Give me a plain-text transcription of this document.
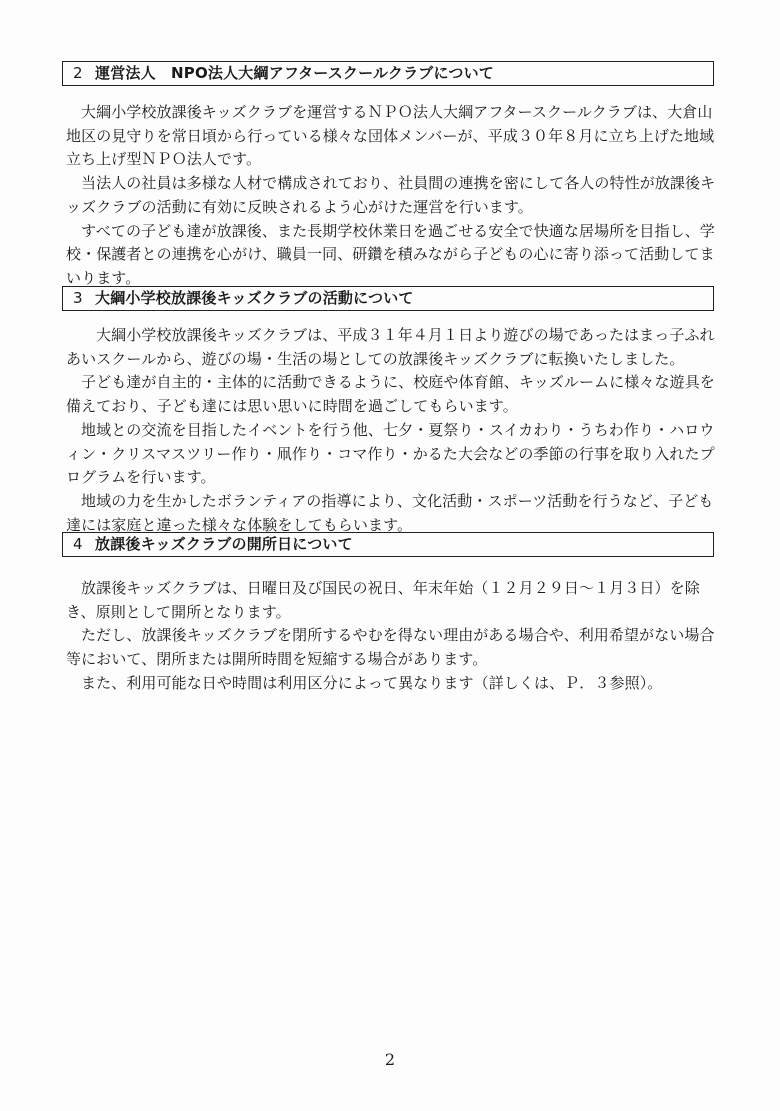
2 運営法人　NPO法人大綱アフタースクールクラブについて

大綱小学校放課後キッズクラブを運営するＮＰＯ法人大綱アフタースクールクラブは、大倉山地区の見守りを常日頃から行っている様々な団体メンバーが、平成３０年８月に立ち上げた地域立ち上げ型ＮＰＯ法人です。

当法人の社員は多様な人材で構成されており、社員間の連携を密にして各人の特性が放課後キッズクラブの活動に有効に反映されるよう心がけた運営を行います。

すべての子ども達が放課後、また長期学校休業日を過ごせる安全で快適な居場所を目指し、学校・保護者との連携を心がけ、職員一同、研鑽を積みながら子どもの心に寄り添って活動してまいります。

3 大綱小学校放課後キッズクラブの活動について

大綱小学校放課後キッズクラブは、平成３１年４月１日より遊びの場であったはまっ子ふれあいスクールから、遊びの場・生活の場としての放課後キッズクラブに転換いたしました。

子ども達が自主的・主体的に活動できるように、校庭や体育館、キッズルームに様々な遊具を備えており、子ども達には思い思いに時間を過ごしてもらいます。

地域との交流を目指したイベントを行う他、七夕・夏祭り・スイカわり・うちわ作り・ハロウィン・クリスマスツリー作り・凧作り・コマ作り・かるた大会などの季節の行事を取り入れたプログラムを行います。

地域の力を生かしたボランティアの指導により、文化活動・スポーツ活動を行うなど、子ども達には家庭と違った様々な体験をしてもらいます。

4 放課後キッズクラブの開所日について

放課後キッズクラブは、日曜日及び国民の祝日、年末年始（１２月２９日～１月３日）を除き、原則として開所となります。

ただし、放課後キッズクラブを閉所するやむを得ない理由がある場合や、利用希望がない場合等において、閉所または開所時間を短縮する場合があります。

また、利用可能な日や時間は利用区分によって異なります（詳しくは、Ｐ．３参照）。

2
